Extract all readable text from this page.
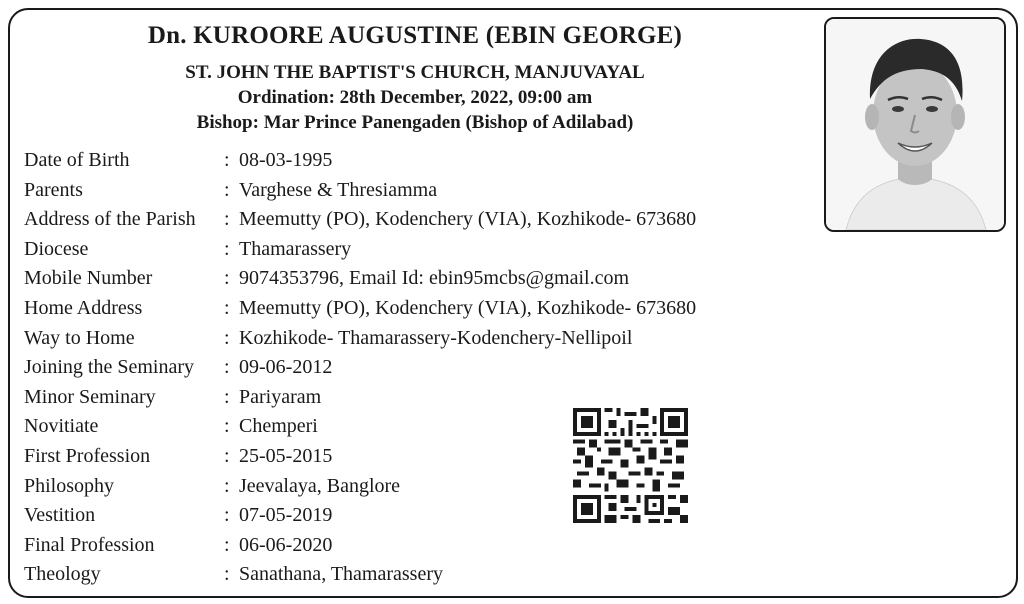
Dn. KUROORE AUGUSTINE (EBIN GEORGE)
ST. JOHN THE BAPTIST'S CHURCH, MANJUVAYAL
Ordination: 28th December, 2022, 09:00 am
Bishop: Mar Prince Panengaden (Bishop of Adilabad)
Date of Birth	: 08-03-1995
Parents	: Varghese & Thresiamma
Address of the Parish	: Meemutty (PO), Kodenchery (VIA), Kozhikode- 673680
Diocese	: Thamarassery
Mobile Number	: 9074353796, Email Id: ebin95mcbs@gmail.com
Home Address	: Meemutty (PO), Kodenchery (VIA), Kozhikode- 673680
Way to Home	: Kozhikode- Thamarassery-Kodenchery-Nellipoil
Joining the Seminary	: 09-06-2012
Minor Seminary	: Pariyaram
Novitiate	: Chemperi
First Profession	: 25-05-2015
Philosophy	: Jeevalaya, Banglore
Vestition	: 07-05-2019
Final Profession	: 06-06-2020
Theology	: Sanathana, Thamarassery
